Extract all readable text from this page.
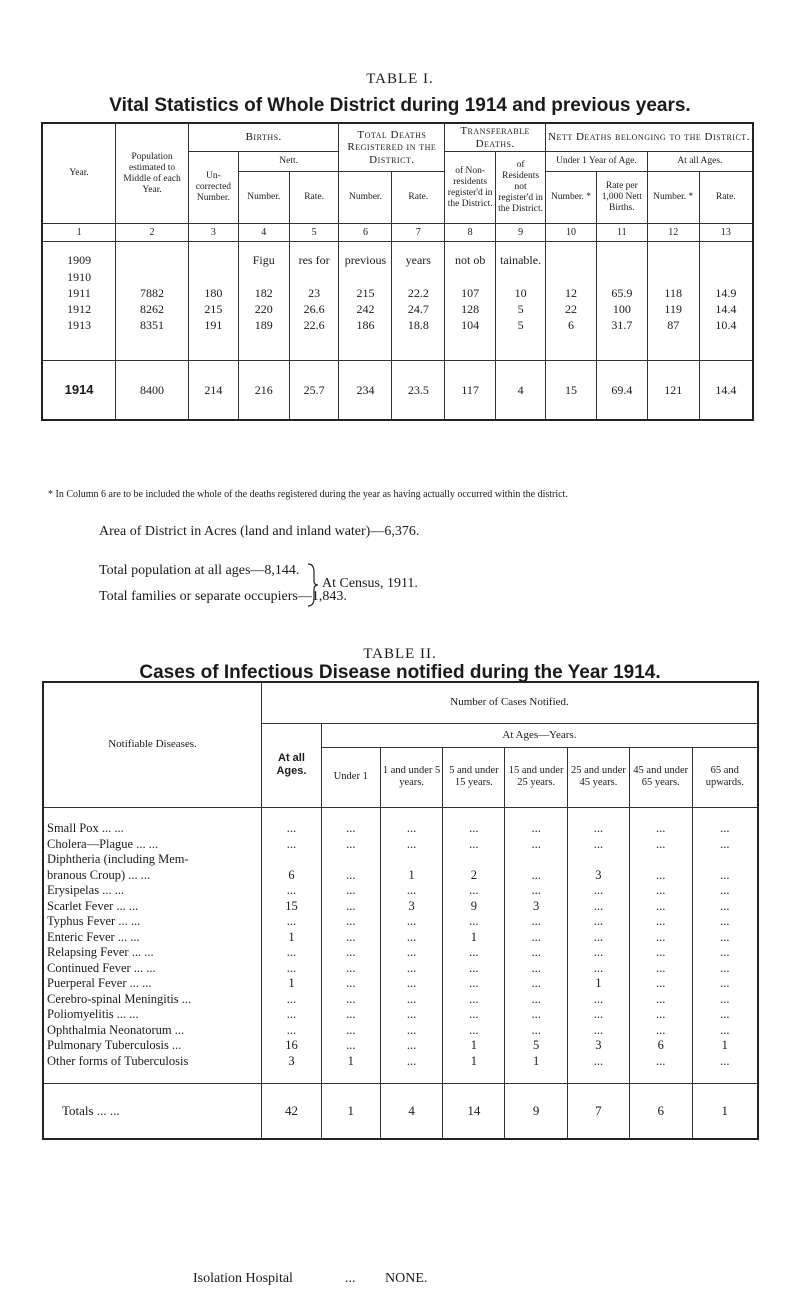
TABLE I.
Vital Statistics of Whole District during 1914 and previous years.
Year.	Population estimated to Middle of each Year.	Births.			Total Deaths Registered in the District.		Transferable Deaths.		Nett Deaths belonging to the District.			
		Un-corrected Number.	Nett.				of Non-residents register'd in the District.	of Residents not register'd in the District.	Under 1 Year of Age.		At all Ages.	
			Number.	Rate.	Number.	Rate.			Number. *	Rate per 1,000 Nett Births.	Number. *	Rate.
1	2	3	4	5	6	7	8	9	10	11	12	13

1909			Figu	res for	previous	years	not ob	tainable.				
1910												
1911	7882	180	182	23	215	22.2	107	10	12	65.9	118	14.9
1912	8262	215	220	26.6	242	24.7	128	5	22	100	119	14.4
1913	8351	191	189	22.6	186	18.8	104	5	6	31.7	87	10.4

1914	8400	214	216	25.7	234	23.5	117	4	15	69.4	121	14.4
* In Column 6 are to be included the whole of the deaths registered during the year as having actually occurred within the district.
Area of District in Acres (land and inland water)—6,376.
Total population at all ages—8,144.
Total families or separate occupiers—1,843.
At Census, 1911.
TABLE II.
Cases of Infectious Disease notified during the Year 1914.
Notifiable Diseases.	Number of Cases Notified.							
	At all Ages.	At Ages—Years.						
		Under 1	1 and under 5 years.	5 and under 15 years.	15 and under 25 years.	25 and under 45 years.	45 and under 65 years.	65 and upwards.

Small Pox ... ...	...	...	...	...	...	...	...	...
Cholera—Plague ... ...	...	...	...	...	...	...	...	...
Diphtheria (including Mem-								
branous Croup) ... ...	6	...	1	2	...	3	...	...
Erysipelas ... ...	...	...	...	...	...	...	...	...
Scarlet Fever ... ...	15	...	3	9	3	...	...	...
Typhus Fever ... ...	...	...	...	...	...	...	...	...
Enteric Fever ... ...	1	...	...	1	...	...	...	...
Relapsing Fever ... ...	...	...	...	...	...	...	...	...
Continued Fever ... ...	...	...	...	...	...	...	...	...
Puerperal Fever ... ...	1	...	...	...	...	1	...	...
Cerebro-spinal Meningitis ...	...	...	...	...	...	...	...	...
Poliomyelitis ... ...	...	...	...	...	...	...	...	...
Ophthalmia Neonatorum ...	...	...	...	...	...	...	...	...
Pulmonary Tuberculosis ...	16	...	...	1	5	3	6	1
Other forms of Tuberculosis	3	1	...	1	1	...	...	...

Totals ... ...	42	1	4	14	9	7	6	1
Isolation Hospital	... NONE.
